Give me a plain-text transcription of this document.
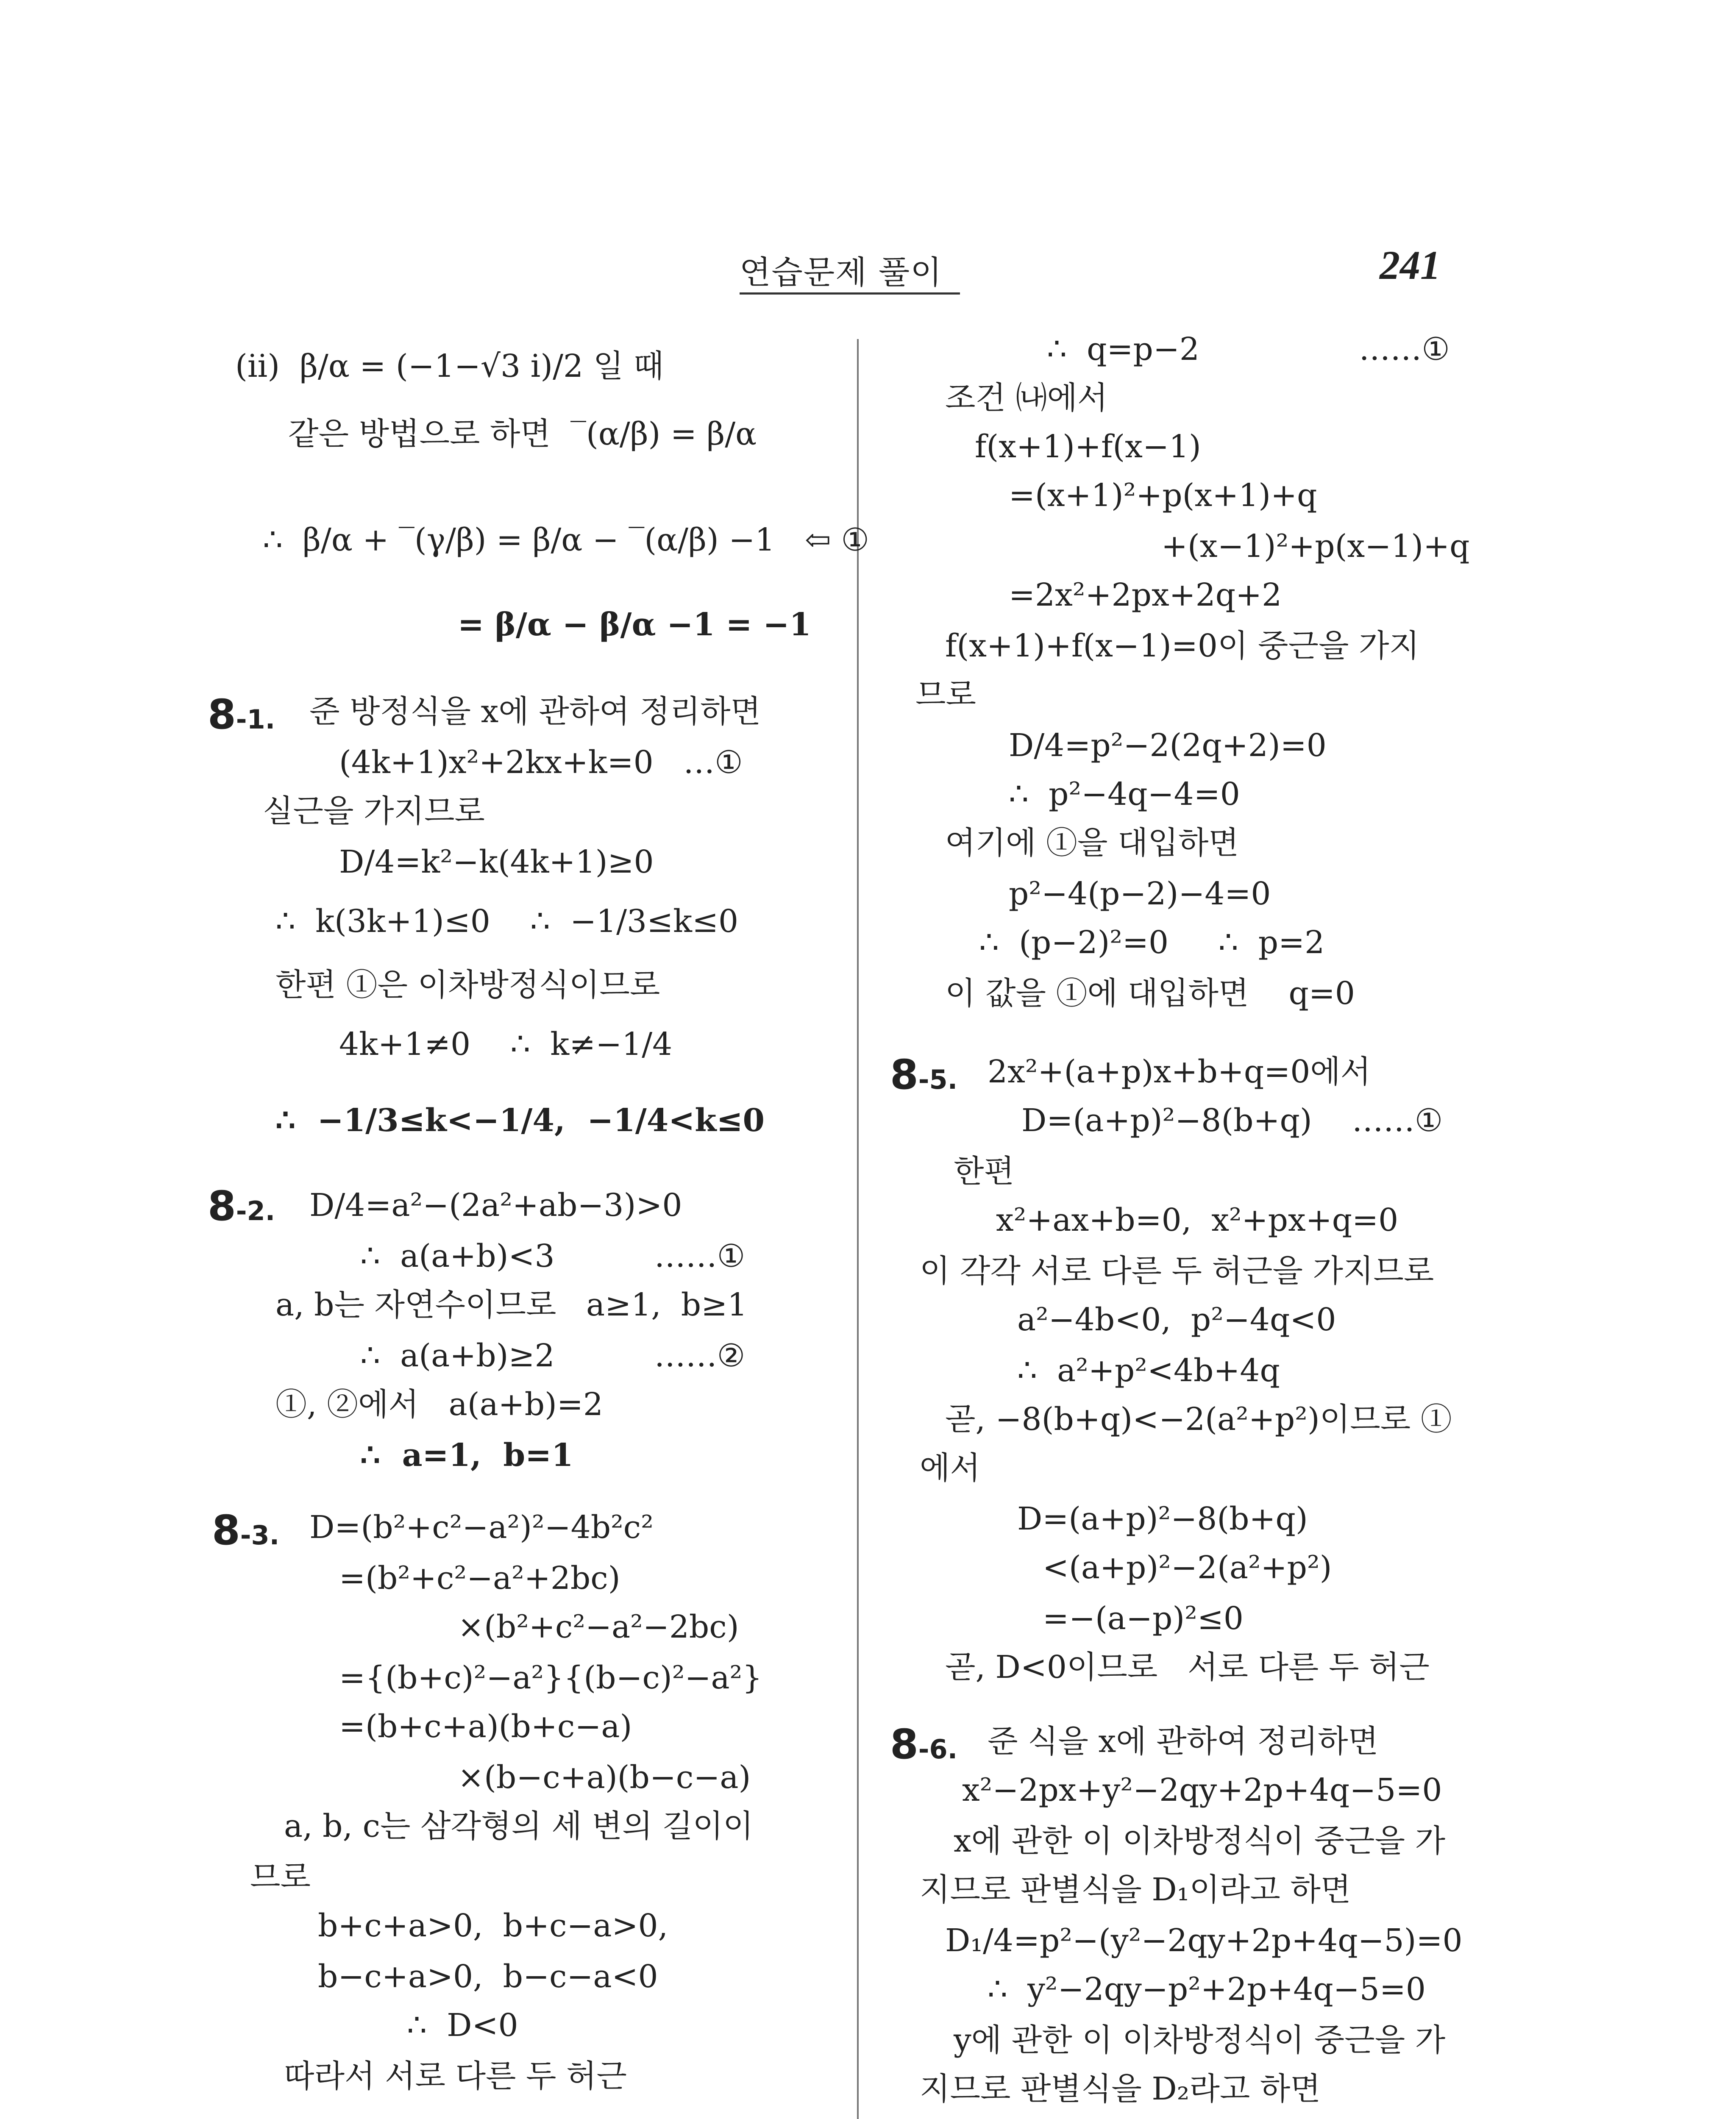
연습문제 풀이	241
(ii)  β/α = (−1−√3 i)/2 일 때
같은 방법으로 하면  ‾(α/β) = β/α
∴  β/α + ‾(γ/β) = β/α − ‾(α/β) −1   ⇦ ①
= β/α − β/α −1 = −1
8-1. 준 방정식을 x에 관하여 정리하면
(4k+1)x²+2kx+k=0   …①
실근을 가지므로
D/4=k²−k(4k+1)≥0
∴  k(3k+1)≤0    ∴  −1/3≤k≤0
한편 ①은 이차방정식이므로
4k+1≠0    ∴  k≠−1/4
∴  −1/3≤k<−1/4,  −1/4<k≤0
8-2. D/4=a²−(2a²+ab−3)>0
∴  a(a+b)<3          ……①
a, b는 자연수이므로   a≥1,  b≥1
∴  a(a+b)≥2          ……②
①, ②에서   a(a+b)=2
∴  a=1,  b=1
8-3. D=(b²+c²−a²)²−4b²c²
=(b²+c²−a²+2bc)
×(b²+c²−a²−2bc)
={(b+c)²−a²}{(b−c)²−a²}
=(b+c+a)(b+c−a)
×(b−c+a)(b−c−a)
a, b, c는 삼각형의 세 변의 길이이
므로
b+c+a>0,  b+c−a>0,
b−c+a>0,  b−c−a<0
∴  D<0
따라서 서로 다른 두 허근
∴  q=p−2                ……①
조건 ㈏에서
f(x+1)+f(x−1)
=(x+1)²+p(x+1)+q
+(x−1)²+p(x−1)+q
=2x²+2px+2q+2
f(x+1)+f(x−1)=0이 중근을 가지
므로
D/4=p²−2(2q+2)=0
∴  p²−4q−4=0
여기에 ①을 대입하면
p²−4(p−2)−4=0
∴  (p−2)²=0     ∴  p=2
이 값을 ①에 대입하면    q=0
8-5. 2x²+(a+p)x+b+q=0에서
D=(a+p)²−8(b+q)    ……①
한편
x²+ax+b=0,  x²+px+q=0
이 각각 서로 다른 두 허근을 가지므로
a²−4b<0,  p²−4q<0
∴  a²+p²<4b+4q
곧, −8(b+q)<−2(a²+p²)이므로 ①
에서
D=(a+p)²−8(b+q)
<(a+p)²−2(a²+p²)
=−(a−p)²≤0
곧, D<0이므로   서로 다른 두 허근
8-6. 준 식을 x에 관하여 정리하면
x²−2px+y²−2qy+2p+4q−5=0
x에 관한 이 이차방정식이 중근을 가
지므로 판별식을 D₁이라고 하면
D₁/4=p²−(y²−2qy+2p+4q−5)=0
∴  y²−2qy−p²+2p+4q−5=0
y에 관한 이 이차방정식이 중근을 가
지므로 판별식을 D₂라고 하면
